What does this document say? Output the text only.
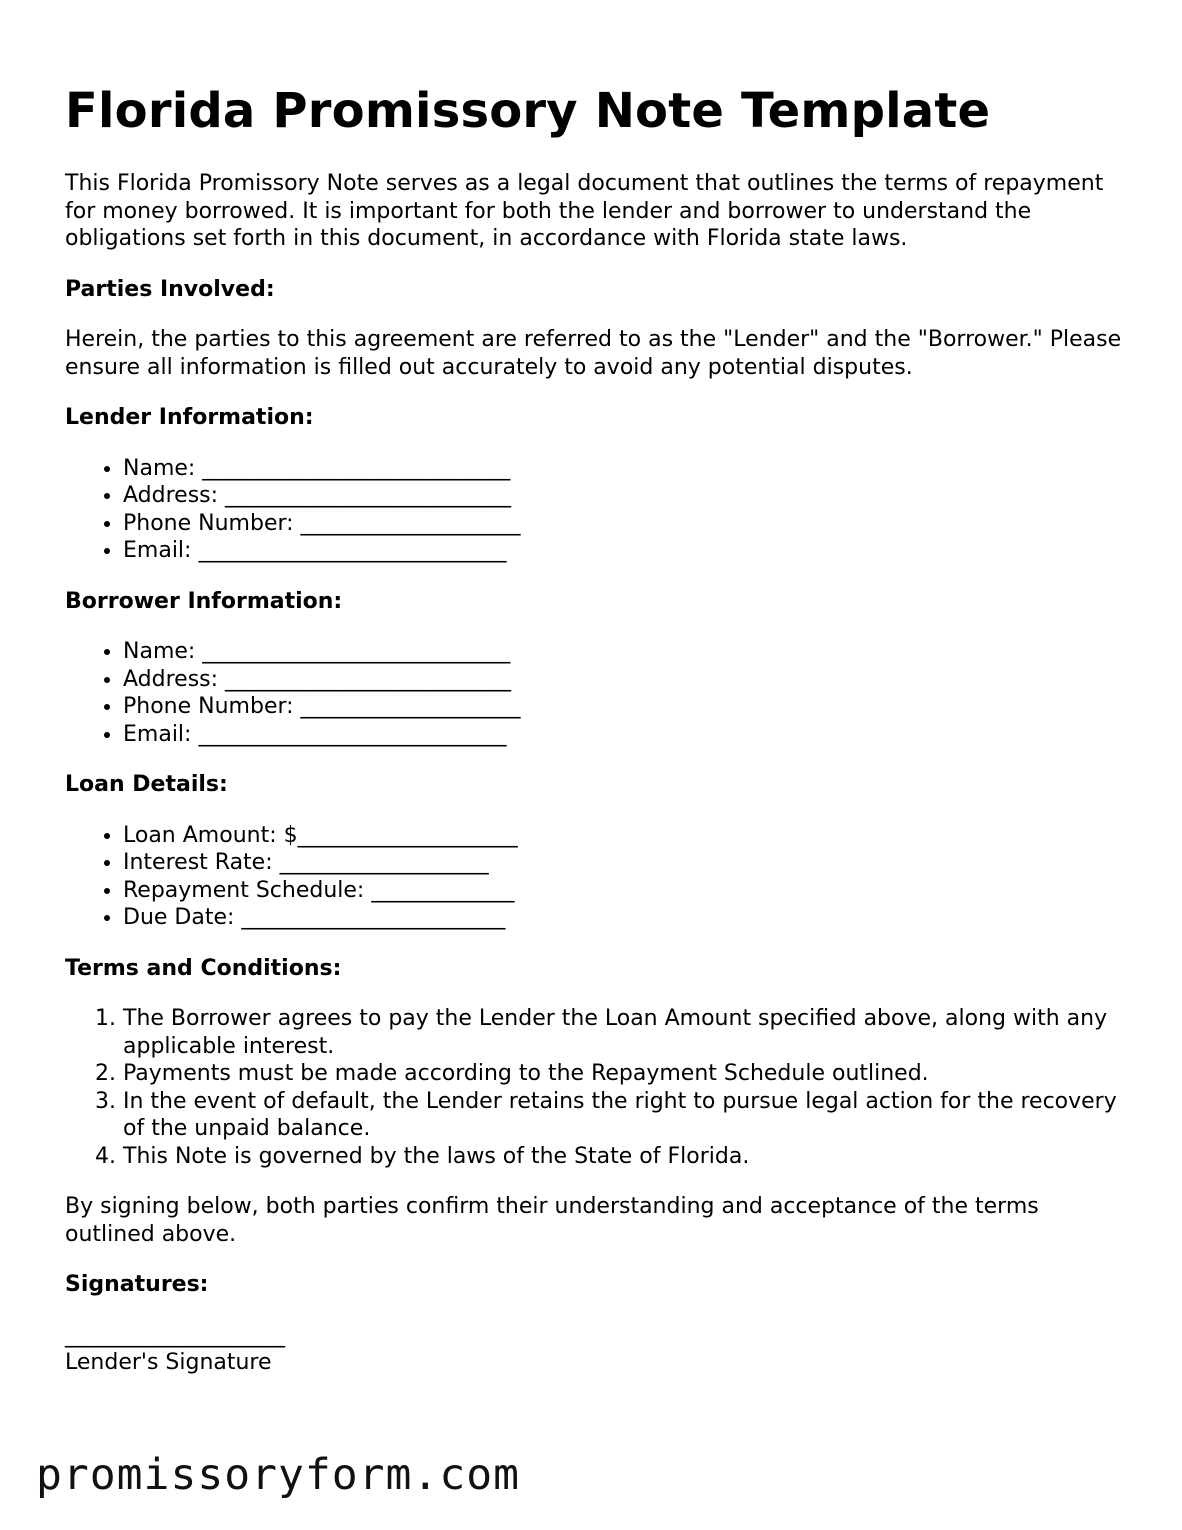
Florida Promissory Note Template

This Florida Promissory Note serves as a legal document that outlines the terms of repayment for money borrowed. It is important for both the lender and borrower to understand the obligations set forth in this document, in accordance with Florida state laws.

Parties Involved:

Herein, the parties to this agreement are referred to as the "Lender" and the "Borrower." Please ensure all information is filled out accurately to avoid any potential disputes.

Lender Information:
• Name: ____________________________
• Address: __________________________
• Phone Number: ____________________
• Email: ____________________________
Borrower Information:
• Name: ____________________________
• Address: __________________________
• Phone Number: ____________________
• Email: ____________________________
Loan Details:
• Loan Amount: $____________________
• Interest Rate: ___________________
• Repayment Schedule: _____________
• Due Date: ________________________
Terms and Conditions:
1. The Borrower agrees to pay the Lender the Loan Amount specified above, along with any applicable interest.
2. Payments must be made according to the Repayment Schedule outlined.
3. In the event of default, the Lender retains the right to pursue legal action for the recovery of the unpaid balance.
4. This Note is governed by the laws of the State of Florida.

By signing below, both parties confirm their understanding and acceptance of the terms outlined above.

Signatures:
____________________
Lender's Signature
promissoryform.com
